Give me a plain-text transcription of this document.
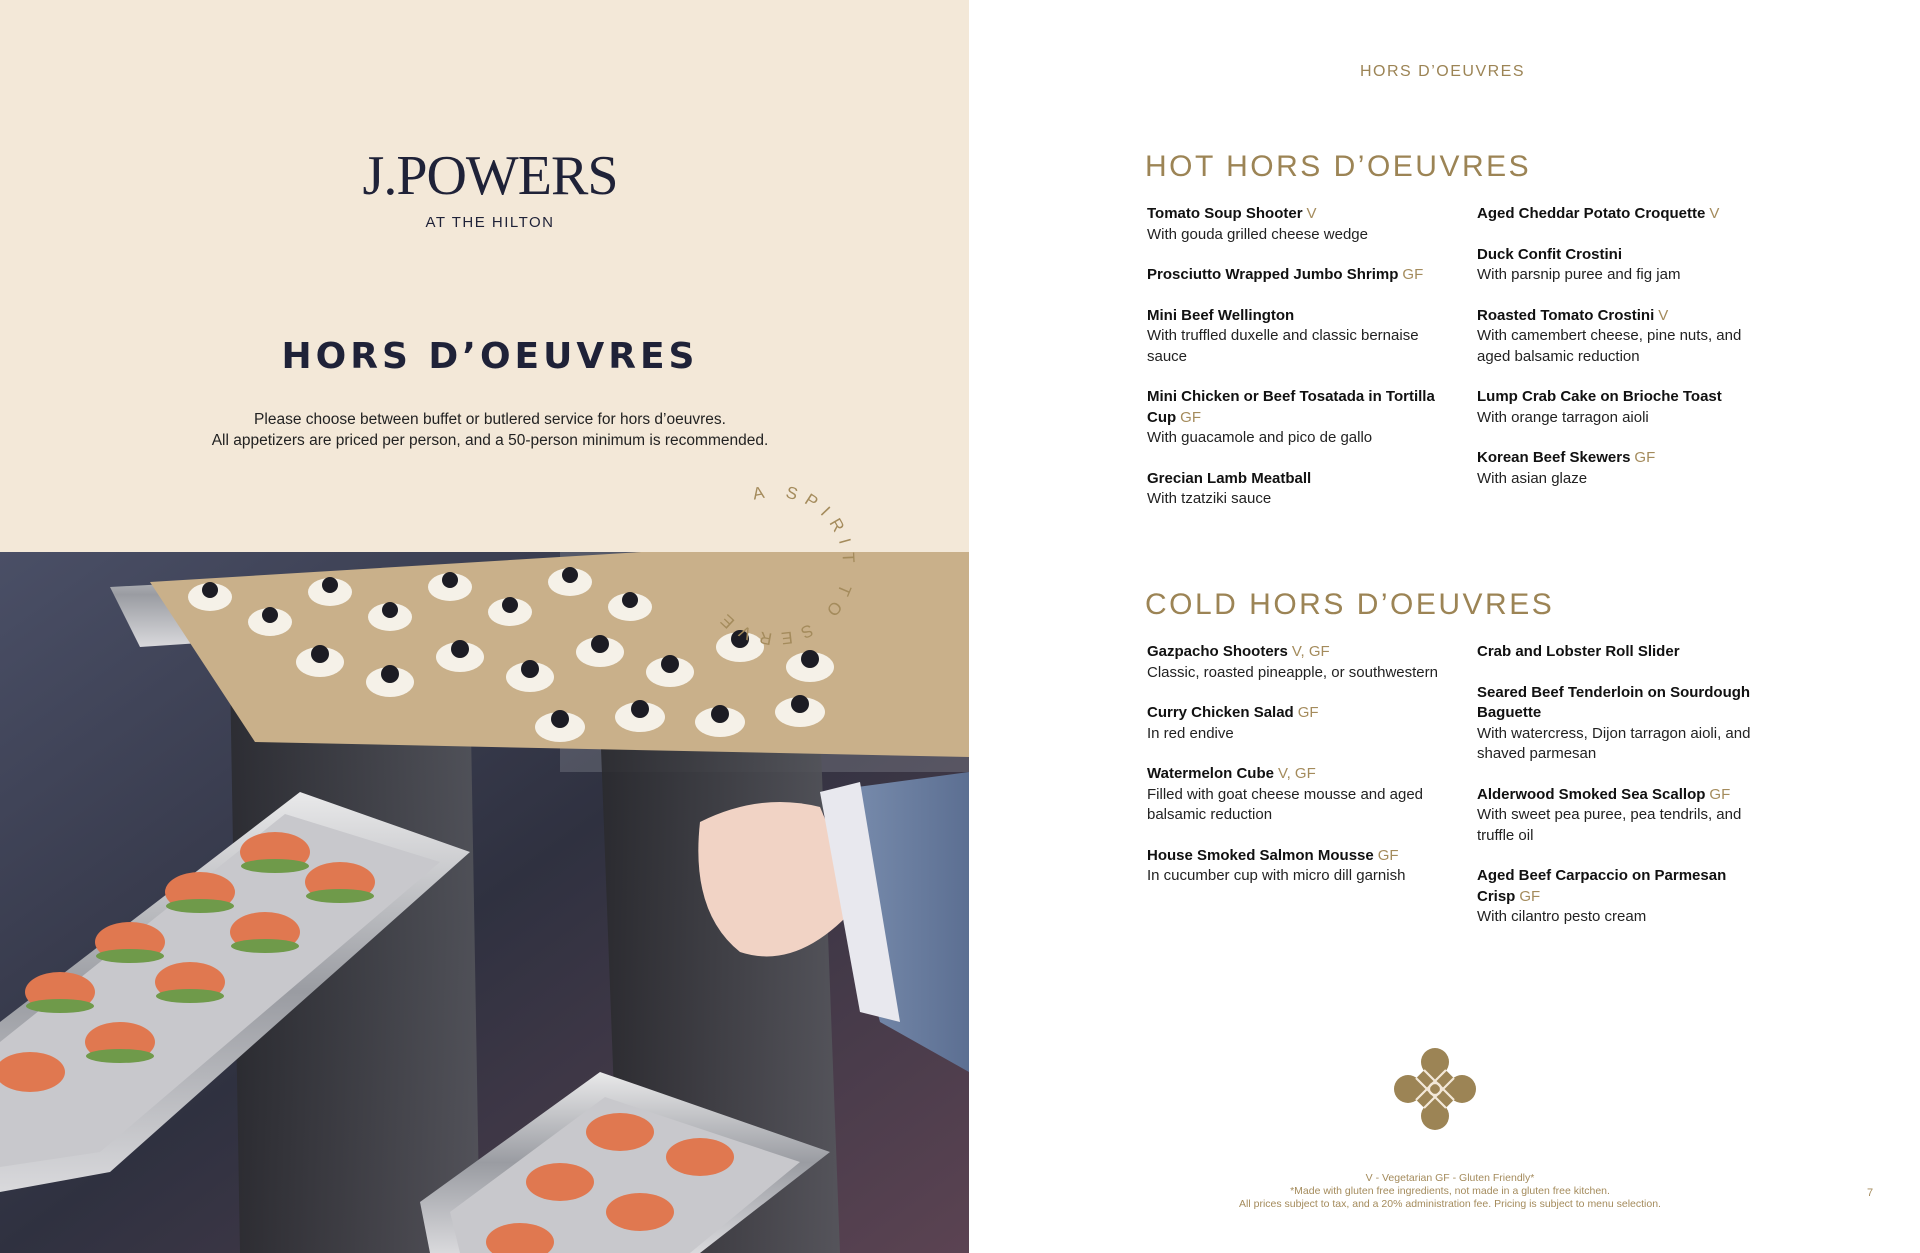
J.POWERS
AT THE HILTON
HORS D’OEUVRES
Please choose between buffet or butlered service for hors d’oeuvres.
All appetizers are priced per person, and a 50-person minimum is recommended.
A SPIRIT TO SERVE
HORS D’OEUVRES
HOT HORS D’OEUVRES
Tomato Soup Shooter V
With gouda grilled cheese wedge
Prosciutto Wrapped Jumbo Shrimp GF
Mini Beef Wellington
With truffled duxelle and classic bernaise sauce
Mini Chicken or Beef Tosatada in Tortilla Cup GF
With guacamole and pico de gallo
Grecian Lamb Meatball
With tzatziki sauce
Aged Cheddar Potato Croquette V
Duck Confit Crostini
With parsnip puree and fig jam
Roasted Tomato Crostini V
With camembert cheese, pine nuts, and aged balsamic reduction
Lump Crab Cake on Brioche Toast
With orange tarragon aioli
Korean Beef Skewers GF
With asian glaze
COLD HORS D’OEUVRES
Gazpacho Shooters V, GF
Classic, roasted pineapple, or southwestern
Curry Chicken Salad GF
In red endive
Watermelon Cube V, GF
Filled with goat cheese mousse and aged balsamic reduction
House Smoked Salmon Mousse GF
In cucumber cup with micro dill garnish
Crab and Lobster Roll Slider
Seared Beef Tenderloin on Sourdough Baguette
With watercress, Dijon tarragon aioli, and shaved parmesan
Alderwood Smoked Sea Scallop GF
With sweet pea puree, pea tendrils, and truffle oil
Aged Beef Carpaccio on Parmesan Crisp GF
With cilantro pesto cream
V - Vegetarian GF - Gluten Friendly*
*Made with gluten free ingredients, not made in a gluten free kitchen.
All prices subject to tax, and a 20% administration fee. Pricing is subject to menu selection.
7
